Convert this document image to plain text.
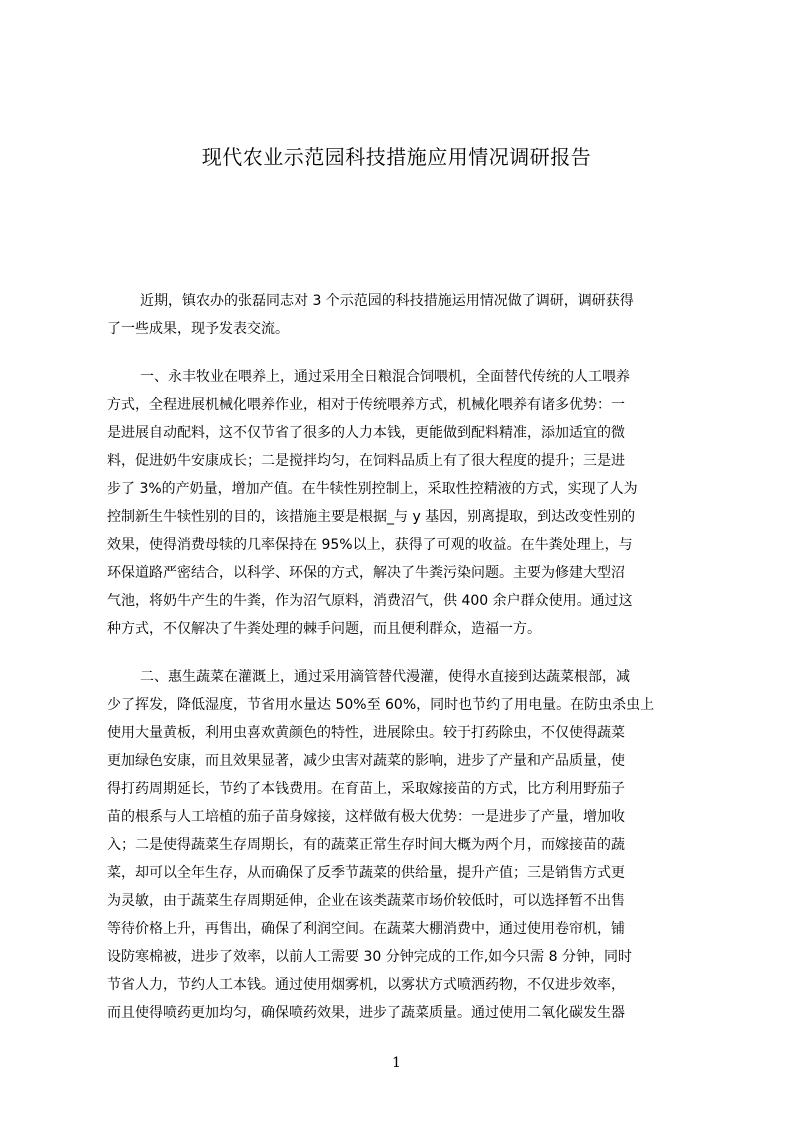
现代农业示范园科技措施应用情况调研报告
近期，镇农办的张磊同志对 3 个示范园的科技措施运用情况做了调研，调研获得
了一些成果，现予发表交流。
一、永丰牧业在喂养上，通过采用全日粮混合饲喂机，全面替代传统的人工喂养
方式，全程进展机械化喂养作业，相对于传统喂养方式，机械化喂养有诸多优势：一
是进展自动配料，这不仅节省了很多的人力本钱，更能做到配料精准，添加适宜的微
料，促进奶牛安康成长；二是搅拌均匀，在饲料品质上有了很大程度的提升；三是进
步了 3%的产奶量，增加产值。在牛犊性别控制上，采取性控精液的方式，实现了人为
控制新生牛犊性别的目的，该措施主要是根据_与 y 基因，别离提取，到达改变性别的
效果，使得消费母犊的几率保持在 95%以上，获得了可观的收益。在牛粪处理上，与
环保道路严密结合，以科学、环保的方式，解决了牛粪污染问题。主要为修建大型沼
气池，将奶牛产生的牛粪，作为沼气原料，消费沼气，供 400 余户群众使用。通过这
种方式，不仅解决了牛粪处理的棘手问题，而且便利群众，造福一方。
二、惠生蔬菜在灌溉上，通过采用滴管替代漫灌，使得水直接到达蔬菜根部，减
少了挥发，降低湿度，节省用水量达 50%至 60%，同时也节约了用电量。在防虫杀虫上
使用大量黄板，利用虫喜欢黄颜色的特性，进展除虫。较于打药除虫，不仅使得蔬菜
更加绿色安康，而且效果显著，减少虫害对蔬菜的影响，进步了产量和产品质量，使
得打药周期延长，节约了本钱费用。在育苗上，采取嫁接苗的方式，比方利用野茄子
苗的根系与人工培植的茄子苗身嫁接，这样做有极大优势：一是进步了产量，增加收
入；二是使得蔬菜生存周期长，有的蔬菜正常生存时间大概为两个月，而嫁接苗的蔬
菜，却可以全年生存，从而确保了反季节蔬菜的供给量，提升产值；三是销售方式更
为灵敏，由于蔬菜生存周期延伸，企业在该类蔬菜市场价较低时，可以选择暂不出售
等待价格上升，再售出，确保了利润空间。在蔬菜大棚消费中，通过使用卷帘机，铺
设防寒棉被，进步了效率，以前人工需要 30 分钟完成的工作,如今只需 8 分钟，同时
节省人力，节约人工本钱。通过使用烟雾机，以雾状方式喷洒药物，不仅进步效率，
而且使得喷药更加均匀，确保喷药效果，进步了蔬菜质量。通过使用二氧化碳发生器
1
